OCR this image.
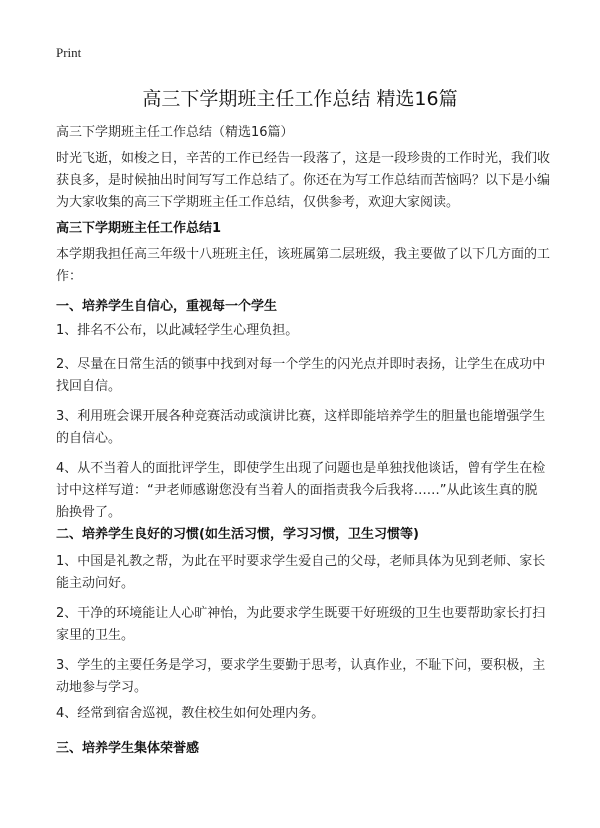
Print
高三下学期班主任工作总结 精选16篇
高三下学期班主任工作总结（精选16篇）

时光飞逝，如梭之日，辛苦的工作已经告一段落了，这是一段珍贵的工作时光，我们收获良多，是时候抽出时间写写工作总结了。你还在为写工作总结而苦恼吗？以下是小编为大家收集的高三下学期班主任工作总结，仅供参考，欢迎大家阅读。

高三下学期班主任工作总结1

本学期我担任高三年级十八班班主任，该班属第二层班级，我主要做了以下几方面的工作：

一、培养学生自信心，重视每一个学生

1、排名不公布，以此减轻学生心理负担。

2、尽量在日常生活的锁事中找到对每一个学生的闪光点并即时表扬，让学生在成功中找回自信。

3、利用班会课开展各种竞赛活动或演讲比赛，这样即能培养学生的胆量也能增强学生的自信心。

4、从不当着人的面批评学生，即使学生出现了问题也是单独找他谈话，曾有学生在检讨中这样写道：“尹老师感谢您没有当着人的面指责我今后我将……”从此该生真的脱胎换骨了。

二、培养学生良好的习惯(如生活习惯，学习习惯，卫生习惯等)

1、中国是礼教之帮，为此在平时要求学生爱自己的父母，老师具体为见到老师、家长能主动问好。

2、干净的环境能让人心旷神怡，为此要求学生既要干好班级的卫生也要帮助家长打扫家里的卫生。

3、学生的主要任务是学习，要求学生要勤于思考，认真作业，不耻下问，要积极，主动地参与学习。

4、经常到宿舍巡视，教住校生如何处理内务。

三、培养学生集体荣誉感
